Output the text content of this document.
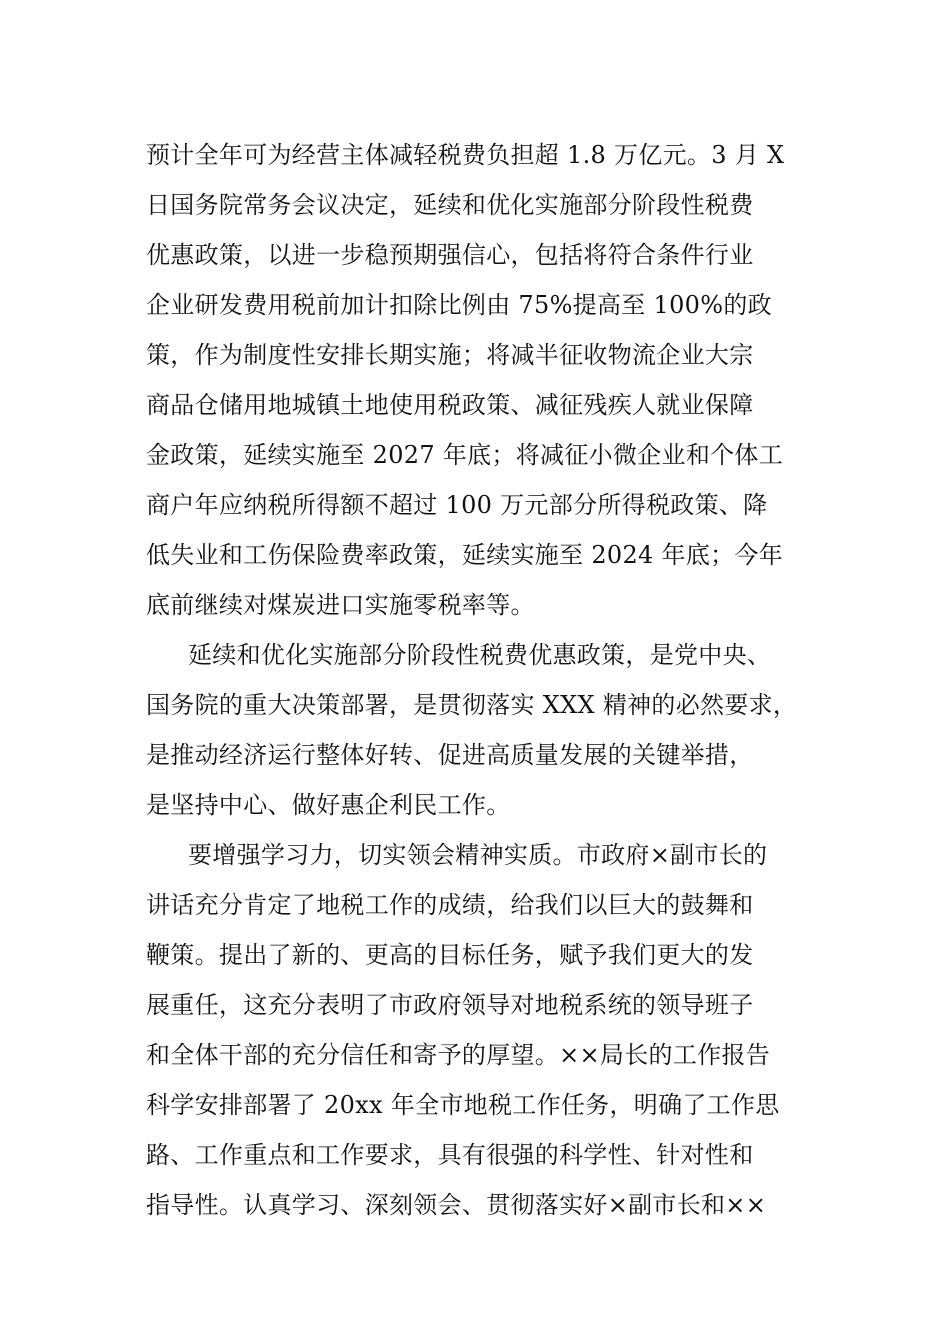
预计全年可为经营主体减轻税费负担超 1.8 万亿元。3 月 X
日国务院常务会议决定，延续和优化实施部分阶段性税费
优惠政策，以进一步稳预期强信心，包括将符合条件行业
企业研发费用税前加计扣除比例由 75%提高至 100%的政
策，作为制度性安排长期实施；将减半征收物流企业大宗
商品仓储用地城镇土地使用税政策、减征残疾人就业保障
金政策，延续实施至 2027 年底；将减征小微企业和个体工
商户年应纳税所得额不超过 100 万元部分所得税政策、降
低失业和工伤保险费率政策，延续实施至 2024 年底；今年
底前继续对煤炭进口实施零税率等。
延续和优化实施部分阶段性税费优惠政策，是党中央、
国务院的重大决策部署，是贯彻落实 XXX 精神的必然要求，
是推动经济运行整体好转、促进高质量发展的关键举措，
是坚持中心、做好惠企利民工作。
要增强学习力，切实领会精神实质。市政府×副市长的
讲话充分肯定了地税工作的成绩，给我们以巨大的鼓舞和
鞭策。提出了新的、更高的目标任务，赋予我们更大的发
展重任，这充分表明了市政府领导对地税系统的领导班子
和全体干部的充分信任和寄予的厚望。××局长的工作报告
科学安排部署了 20xx 年全市地税工作任务，明确了工作思
路、工作重点和工作要求，具有很强的科学性、针对性和
指导性。认真学习、深刻领会、贯彻落实好×副市长和××
